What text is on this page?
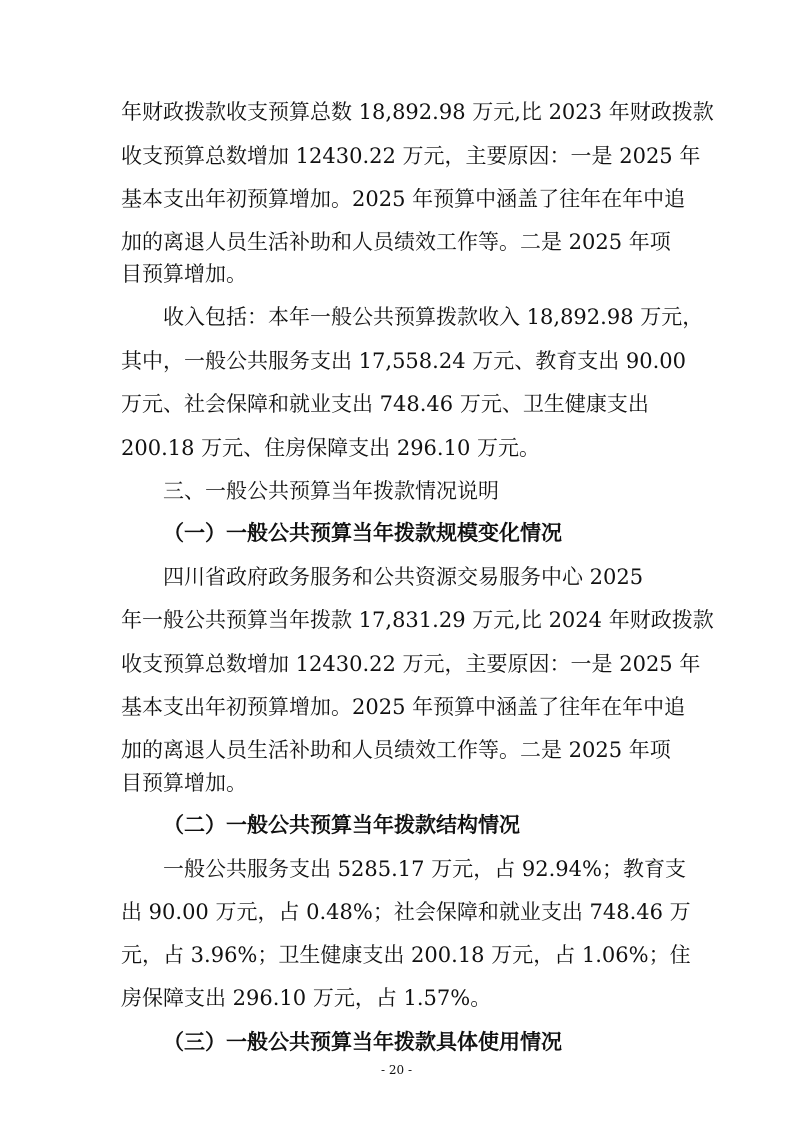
年财政拨款收支预算总数 18,892.98 万元,比 2023 年财政拨款
收支预算总数增加 12430.22 万元，主要原因：一是 2025 年
基本支出年初预算增加。2025 年预算中涵盖了往年在年中追
加的离退人员生活补助和人员绩效工作等。二是 2025 年项
目预算增加。
收入包括：本年一般公共预算拨款收入 18,892.98 万元，
其中，一般公共服务支出 17,558.24 万元、教育支出 90.00
万元、社会保障和就业支出 748.46 万元、卫生健康支出
200.18 万元、住房保障支出 296.10 万元。
三、一般公共预算当年拨款情况说明
（一）一般公共预算当年拨款规模变化情况
四川省政府政务服务和公共资源交易服务中心 2025
年一般公共预算当年拨款 17,831.29 万元,比 2024 年财政拨款
收支预算总数增加 12430.22 万元，主要原因：一是 2025 年
基本支出年初预算增加。2025 年预算中涵盖了往年在年中追
加的离退人员生活补助和人员绩效工作等。二是 2025 年项
目预算增加。
（二）一般公共预算当年拨款结构情况
一般公共服务支出 5285.17 万元，占 92.94%；教育支
出 90.00 万元，占 0.48%；社会保障和就业支出 748.46 万
元，占 3.96%；卫生健康支出 200.18 万元，占 1.06%；住
房保障支出 296.10 万元，占 1.57%。
（三）一般公共预算当年拨款具体使用情况
- 20 -
